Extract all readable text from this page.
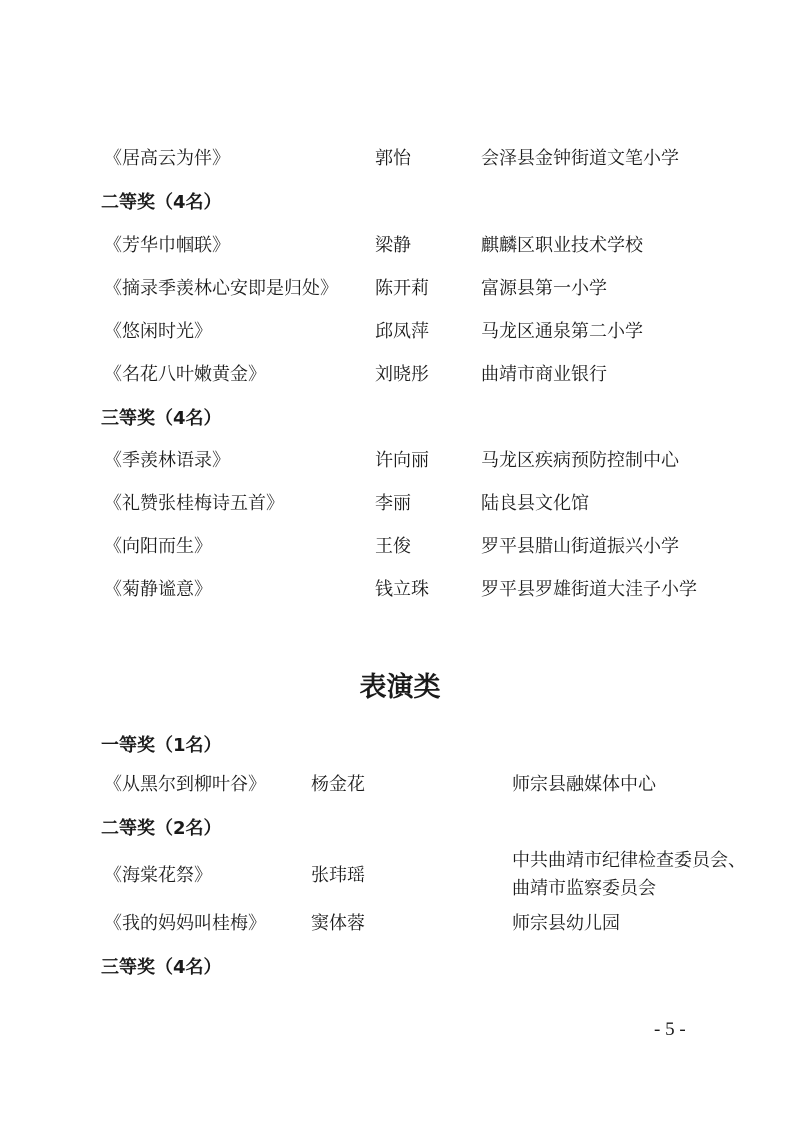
《居高云为伴》	郭怡	会泽县金钟街道文笔小学
二等奖（4名）
《芳华巾帼联》	梁静	麒麟区职业技术学校
《摘录季羡林心安即是归处》 陈开莉	富源县第一小学
《悠闲时光》	邱凤萍	马龙区通泉第二小学
《名花八叶嫩黄金》	刘晓彤	曲靖市商业银行
三等奖（4名）
《季羡林语录》	许向丽	马龙区疾病预防控制中心
《礼赞张桂梅诗五首》	李丽	陆良县文化馆
《向阳而生》	王俊	罗平县腊山街道振兴小学
《菊静谧意》	钱立珠	罗平县罗雄街道大洼子小学
表演类
一等奖（1名）
《从黑尔到柳叶谷》	杨金花	师宗县融媒体中心
二等奖（2名）
《海棠花祭》	张玮瑶
中共曲靖市纪律检查委员会、
曲靖市监察委员会
《我的妈妈叫桂梅》	窦体蓉	师宗县幼儿园
三等奖（4名）
- 5 -
